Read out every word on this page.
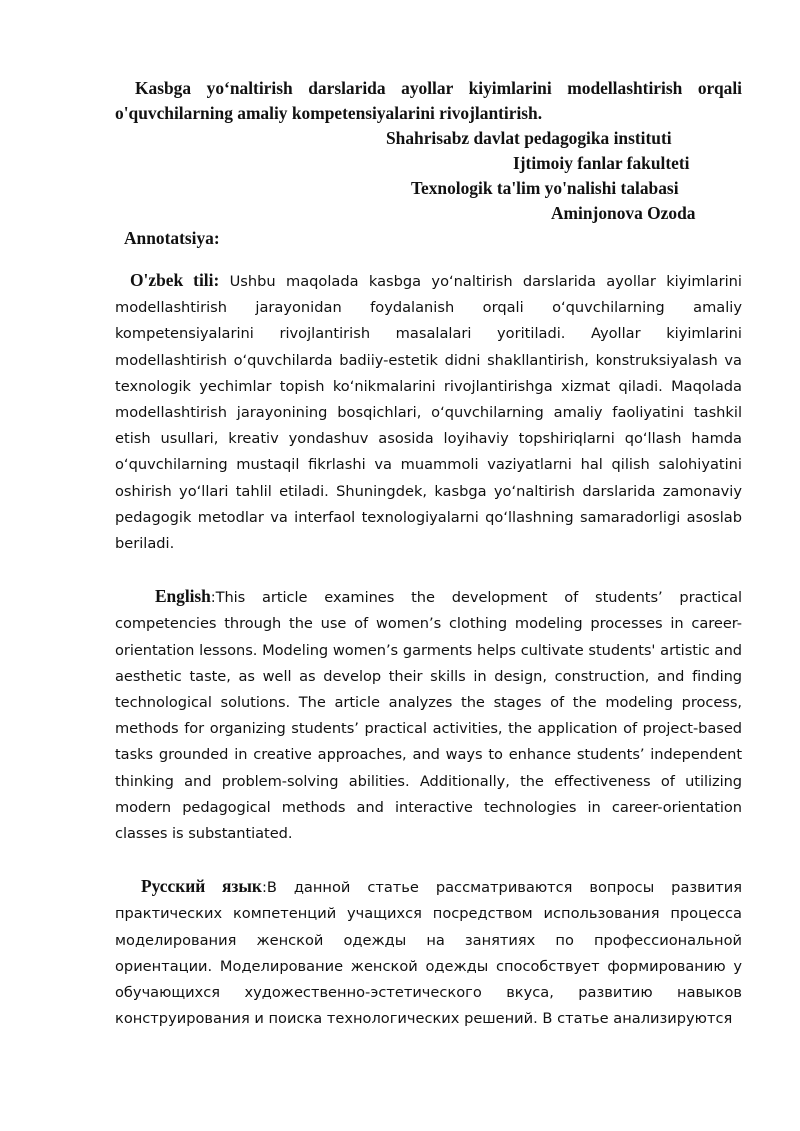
Kasbga yo‘naltirish darslarida ayollar kiyimlarini modellashtirish orqali o'quvchilarning amaliy kompetensiyalarini rivojlantirish.

Shahrisabz davlat pedagogika instituti

Ijtimoiy fanlar fakulteti

Texnologik ta'lim yo'nalishi talabasi

Aminjonova Ozoda

Annotatsiya:

O'zbek tili: Ushbu maqolada kasbga yoʻnaltirish darslarida ayollar kiyimlarini modellashtirish jarayonidan foydalanish orqali oʻquvchilarning amaliy kompetensiyalarini rivojlantirish masalalari yoritiladi. Ayollar kiyimlarini modellashtirish oʻquvchilarda badiiy-estetik didni shakllantirish, konstruksiyalash va texnologik yechimlar topish koʻnikmalarini rivojlantirishga xizmat qiladi. Maqolada modellashtirish jarayonining bosqichlari, oʻquvchilarning amaliy faoliyatini tashkil etish usullari, kreativ yondashuv asosida loyihaviy topshiriqlarni qoʻllash hamda oʻquvchilarning mustaqil fikrlashi va muammoli vaziyatlarni hal qilish salohiyatini oshirish yoʻllari tahlil etiladi. Shuningdek, kasbga yoʻnaltirish darslarida zamonaviy pedagogik metodlar va interfaol texnologiyalarni qoʻllashning samaradorligi asoslab beriladi.

English:This article examines the development of students’ practical competencies through the use of women’s clothing modeling processes in career-orientation lessons. Modeling women’s garments helps cultivate students' artistic and aesthetic taste, as well as develop their skills in design, construction, and finding technological solutions. The article analyzes the stages of the modeling process, methods for organizing students’ practical activities, the application of project-based tasks grounded in creative approaches, and ways to enhance students’ independent thinking and problem-solving abilities. Additionally, the effectiveness of utilizing modern pedagogical methods and interactive technologies in career-orientation classes is substantiated.

Русский язык:В данной статье рассматриваются вопросы развития практических компетенций учащихся посредством использования процесса моделирования женской одежды на занятиях по профессиональной ориентации. Моделирование женской одежды способствует формированию у обучающихся художественно-эстетического вкуса, развитию навыков конструирования и поиска технологических решений. В статье анализируются
